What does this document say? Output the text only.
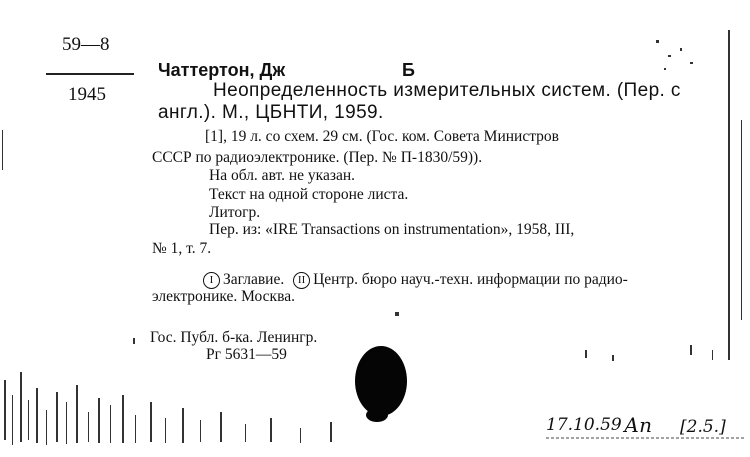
59—8
1945
Чаттертон, Дж	Б
Неопределенность измерительных систем. (Пер. с
англ.). М., ЦБНТИ, 1959.
[1], 19 л. со схем. 29 см. (Гос. ком. Совета Министров
СССР по радиоэлектронике. (Пер. № П-1830/59)).
На обл. авт. не указан.
Текст на одной стороне листа.
Литогр.
Пер. из: «IRE Transactions on instrumentation», 1958, III,
№ 1, т. 7.
I Заглавие. II Центр. бюро науч.-техн. информации по радио-
электронике. Москва.
Гос. Публ. б-ка. Ленингр.
Рг 5631—59
17.10.59 Ап [2.5.]
